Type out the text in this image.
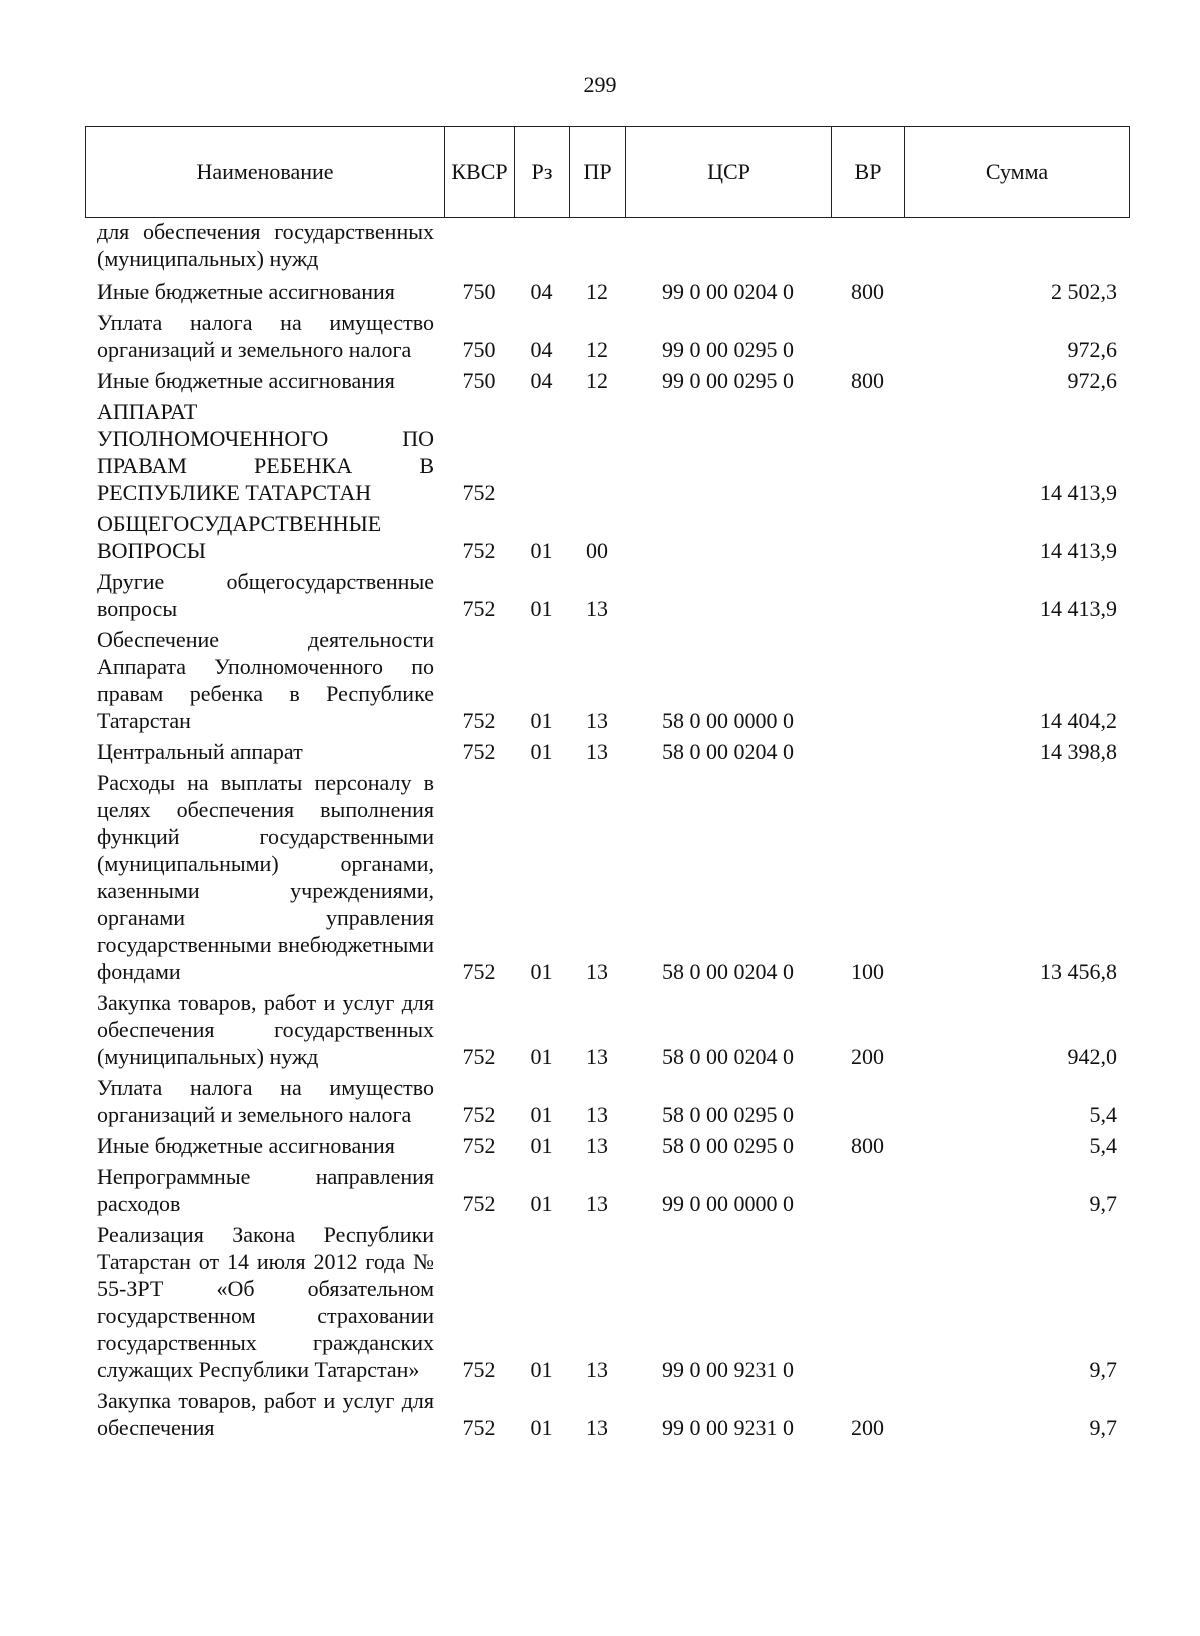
299
Наименование	КВСР	Рз	ПР	ЦСР	ВР	Сумма
для обеспечения государственных (муниципальных) нужд						

Иные бюджетные ассигнования	750	04	12	99 0 00 0204 0	800	2 502,3

Уплата налога на имущество организаций и земельного налога	750	04	12	99 0 00 0295 0		972,6

Иные бюджетные ассигнования	750	04	12	99 0 00 0295 0	800	972,6

АППАРАТ УПОЛНОМОЧЕННОГО ПО ПРАВАМ РЕБЕНКА В РЕСПУБЛИКЕ ТАТАРСТАН	752					14 413,9

ОБЩЕГОСУДАРСТВЕННЫЕ ВОПРОСЫ	752	01	00			14 413,9

Другие общегосударственные вопросы	752	01	13			14 413,9

Обеспечение деятельности Аппарата Уполномоченного по правам ребенка в Республике Татарстан	752	01	13	58 0 00 0000 0		14 404,2

Центральный аппарат	752	01	13	58 0 00 0204 0		14 398,8

Расходы на выплаты персоналу в целях обеспечения выполнения функций государственными (муниципальными) органами, казенными учреждениями, органами управления государственными внебюджетными фондами	752	01	13	58 0 00 0204 0	100	13 456,8

Закупка товаров, работ и услуг для обеспечения государственных (муниципальных) нужд	752	01	13	58 0 00 0204 0	200	942,0

Уплата налога на имущество организаций и земельного налога	752	01	13	58 0 00 0295 0		5,4

Иные бюджетные ассигнования	752	01	13	58 0 00 0295 0	800	5,4

Непрограммные направления расходов	752	01	13	99 0 00 0000 0		9,7

Реализация Закона Республики Татарстан от 14 июля 2012 года № 55-ЗРТ «Об обязательном государственном страховании государственных гражданских служащих Республики Татарстан»	752	01	13	99 0 00 9231 0		9,7

Закупка товаров, работ и услуг для обеспечения	752	01	13	99 0 00 9231 0	200	9,7
